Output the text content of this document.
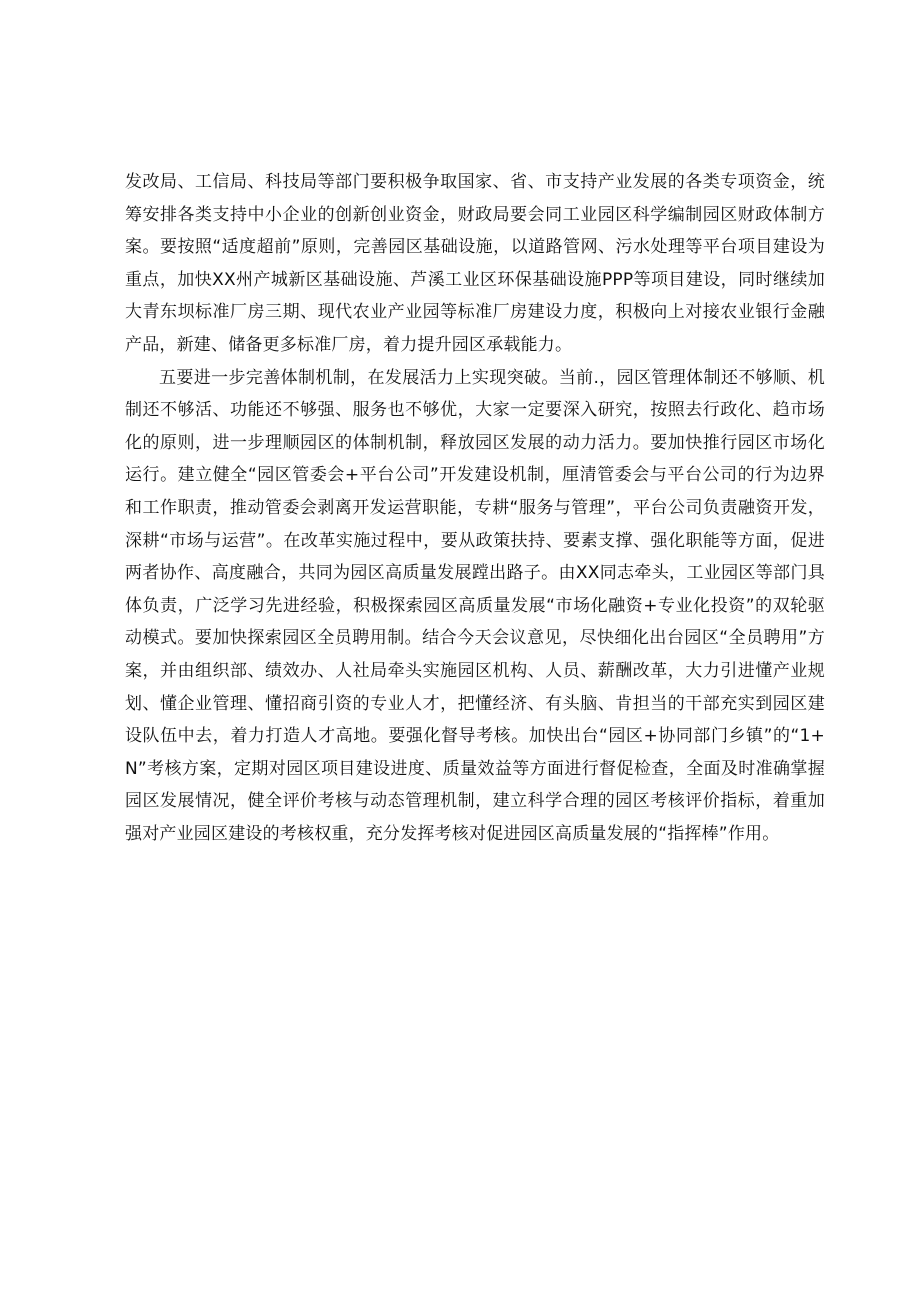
发改局、工信局、科技局等部门要积极争取国家、省、市支持产业发展的各类专项资金，统筹安排各类支持中小企业的创新创业资金，财政局要会同工业园区科学编制园区财政体制方案。要按照“适度超前”原则，完善园区基础设施，以道路管网、污水处理等平台项目建设为重点，加快XX州产城新区基础设施、芦溪工业区环保基础设施PPP等项目建设，同时继续加大青东坝标准厂房三期、现代农业产业园等标准厂房建设力度，积极向上对接农业银行金融产品，新建、储备更多标准厂房，着力提升园区承载能力。

五要进一步完善体制机制，在发展活力上实现突破。当前.，园区管理体制还不够顺、机制还不够活、功能还不够强、服务也不够优，大家一定要深入研究，按照去行政化、趋市场化的原则，进一步理顺园区的体制机制，释放园区发展的动力活力。要加快推行园区市场化运行。建立健全“园区管委会+平台公司”开发建设机制，厘清管委会与平台公司的行为边界和工作职责，推动管委会剥离开发运营职能，专耕“服务与管理”，平台公司负责融资开发，深耕“市场与运营”。在改革实施过程中，要从政策扶持、要素支撑、强化职能等方面，促进两者协作、高度融合，共同为园区高质量发展蹚出路子。由XX同志牵头，工业园区等部门具体负责，广泛学习先进经验，积极探索园区高质量发展“市场化融资+专业化投资”的双轮驱动模式。要加快探索园区全员聘用制。结合今天会议意见，尽快细化出台园区“全员聘用”方案，并由组织部、绩效办、人社局牵头实施园区机构、人员、薪酬改革，大力引进懂产业规划、懂企业管理、懂招商引资的专业人才，把懂经济、有头脑、肯担当的干部充实到园区建设队伍中去，着力打造人才高地。要强化督导考核。加快出台“园区+协同部门乡镇”的“1+N”考核方案，定期对园区项目建设进度、质量效益等方面进行督促检查，全面及时准确掌握园区发展情况，健全评价考核与动态管理机制，建立科学合理的园区考核评价指标，着重加强对产业园区建设的考核权重，充分发挥考核对促进园区高质量发展的“指挥棒”作用。
